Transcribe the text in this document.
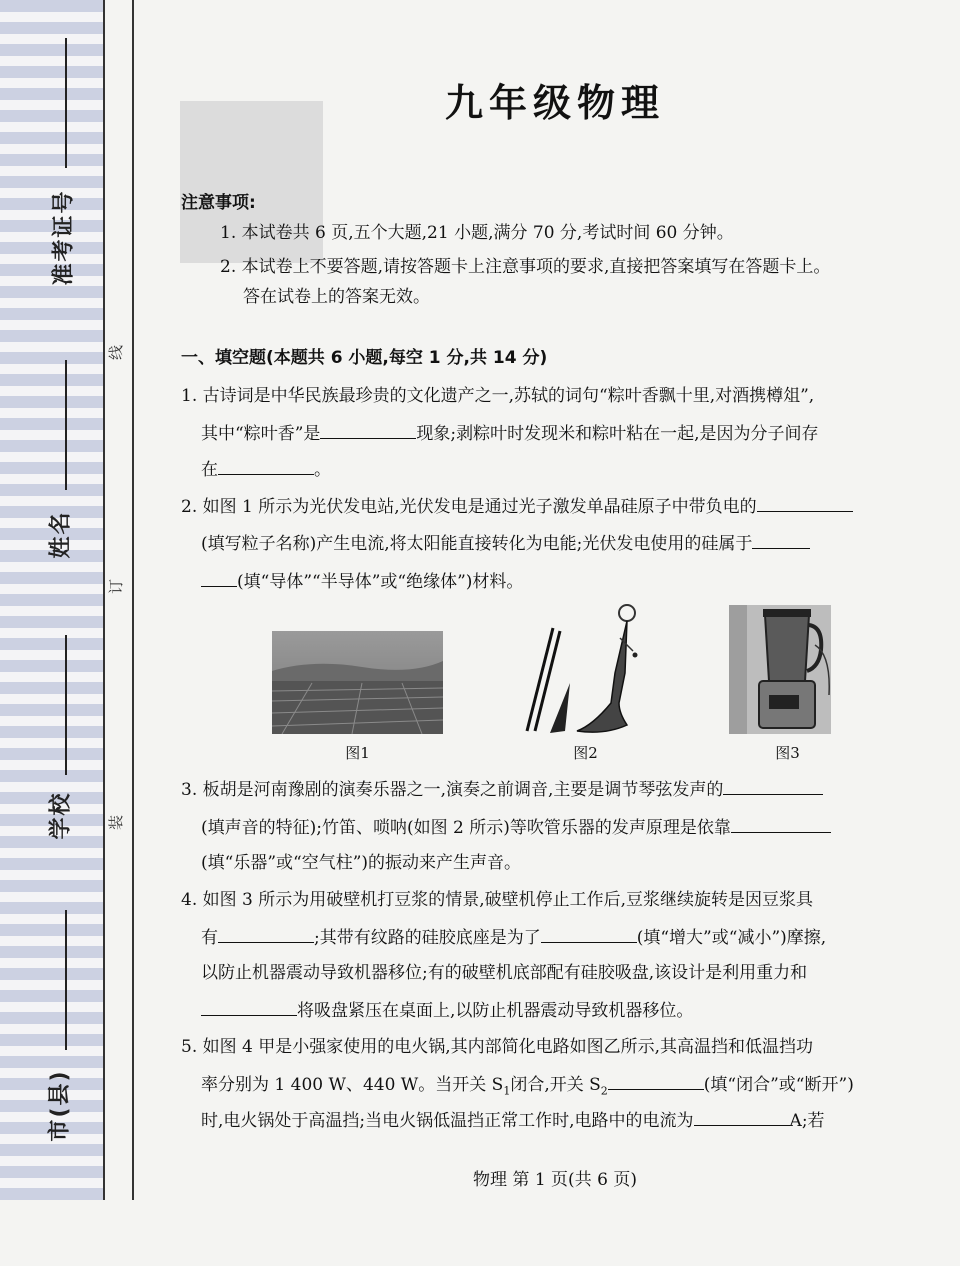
准考证号
姓名
学校
市(县)
线
订
装
九年级物理
注意事项:
1. 本试卷共 6 页,五个大题,21 小题,满分 70 分,考试时间 60 分钟。
2. 本试卷上不要答题,请按答题卡上注意事项的要求,直接把答案填写在答题卡上。
答在试卷上的答案无效。
一、填空题(本题共 6 小题,每空 1 分,共 14 分)
1. 古诗词是中华民族最珍贵的文化遗产之一,苏轼的词句“粽叶香飘十里,对酒携樽俎”,
其中“粽叶香”是	现象;剥粽叶时发现米和粽叶粘在一起,是因为分子间存
在	。
2. 如图 1 所示为光伏发电站,光伏发电是通过光子激发单晶硅原子中带负电的
(填写粒子名称)产生电流,将太阳能直接转化为电能;光伏发电使用的硅属于
(填“导体”“半导体”或“绝缘体”)材料。
图1	图2	图3
3. 板胡是河南豫剧的演奏乐器之一,演奏之前调音,主要是调节琴弦发声的
(填声音的特征);竹笛、唢呐(如图 2 所示)等吹管乐器的发声原理是依靠
(填“乐器”或“空气柱”)的振动来产生声音。
4. 如图 3 所示为用破壁机打豆浆的情景,破壁机停止工作后,豆浆继续旋转是因豆浆具
有	;其带有纹路的硅胶底座是为了	(填“增大”或“减小”)摩擦,
以防止机器震动导致机器移位;有的破壁机底部配有硅胶吸盘,该设计是利用重力和
将吸盘紧压在桌面上,以防止机器震动导致机器移位。
5. 如图 4 甲是小强家使用的电火锅,其内部简化电路如图乙所示,其高温挡和低温挡功
率分别为 1 400 W、440 W。当开关 $S_1$闭合,开关 $S_2$	(填“闭合”或“断开”)
时,电火锅处于高温挡;当电火锅低温挡正常工作时,电路中的电流为	A;若
物理 第 1 页(共 6 页)
